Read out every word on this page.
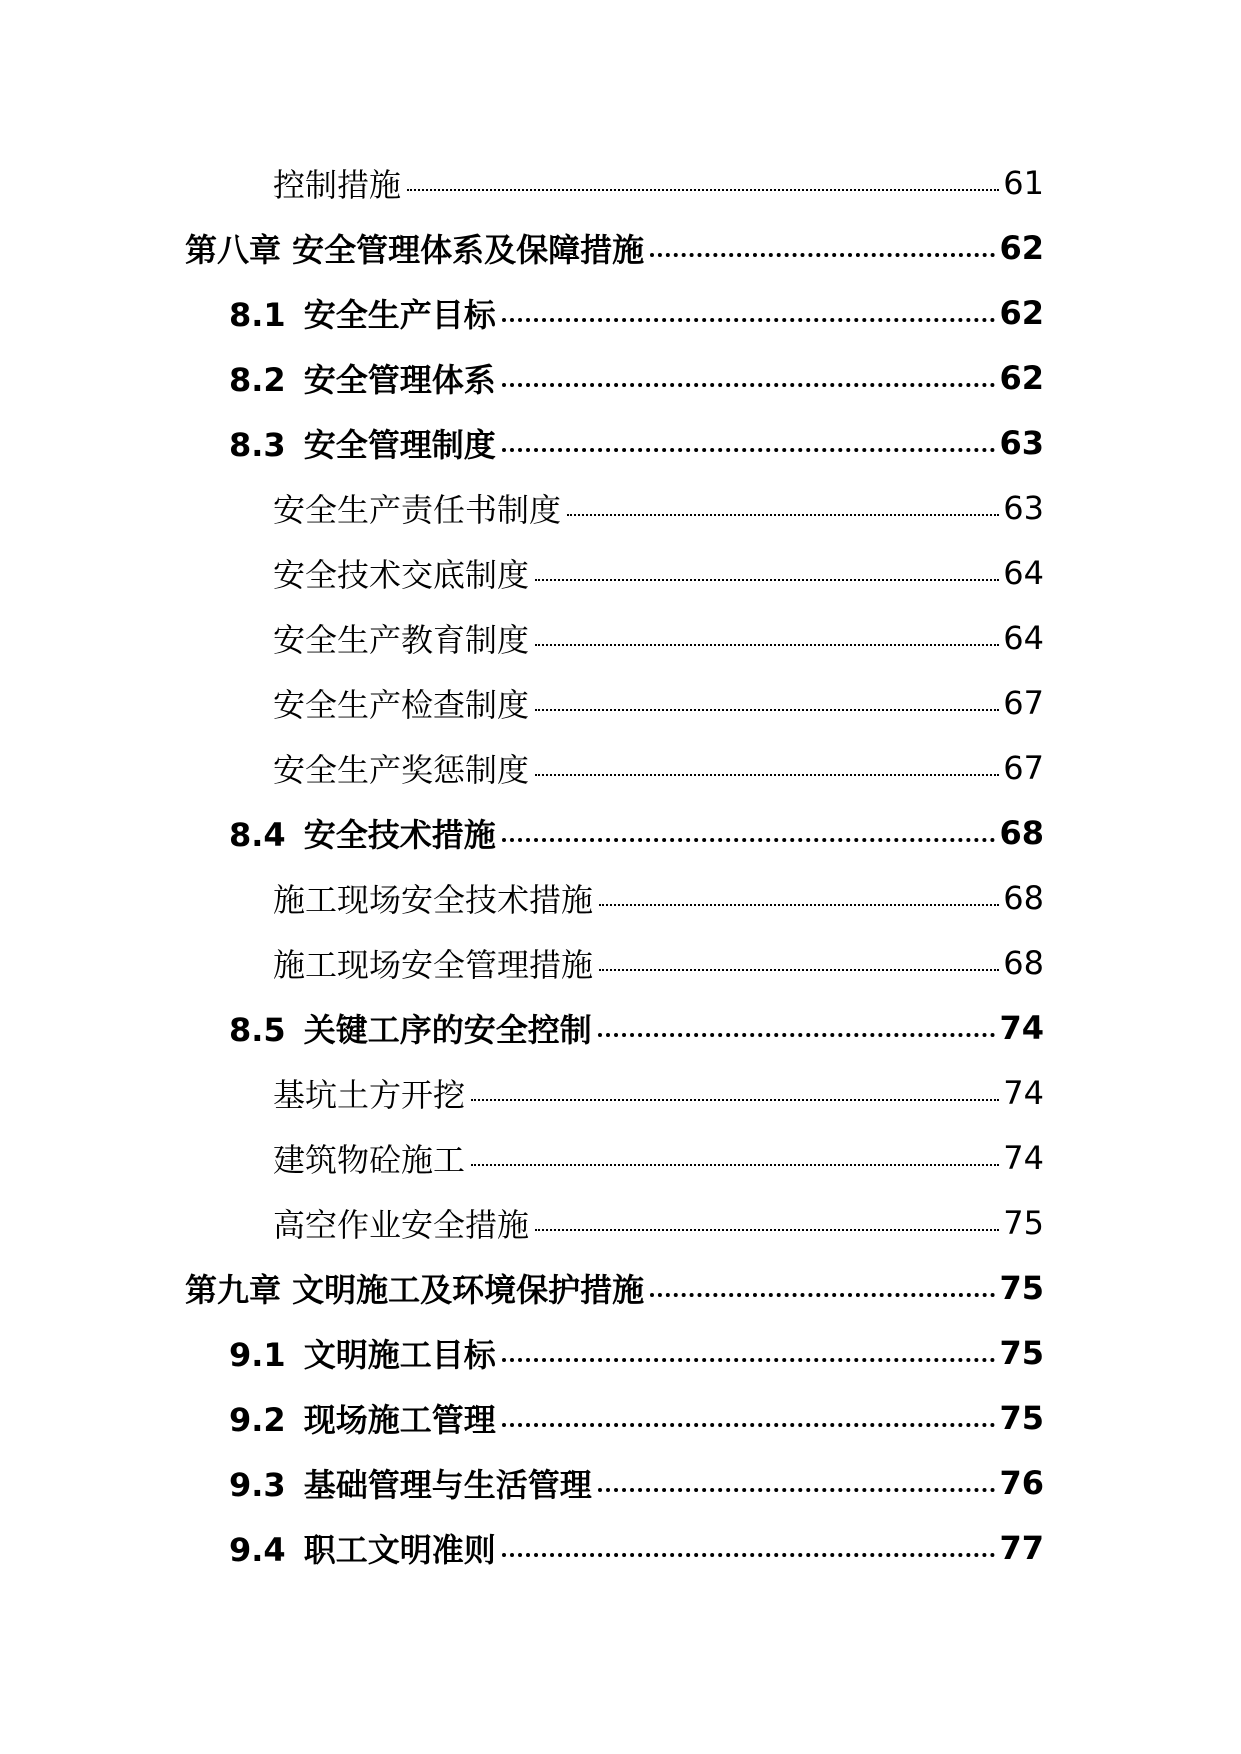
控制措施	61
第八章 安全管理体系及保障措施	62
8.1 安全生产目标	62
8.2 安全管理体系	62
8.3 安全管理制度	63
安全生产责任书制度	63
安全技术交底制度	64
安全生产教育制度	64
安全生产检查制度	67
安全生产奖惩制度	67
8.4 安全技术措施	68
施工现场安全技术措施	68
施工现场安全管理措施	68
8.5 关键工序的安全控制	74
基坑土方开挖	74
建筑物砼施工	74
高空作业安全措施	75
第九章 文明施工及环境保护措施	75
9.1 文明施工目标	75
9.2 现场施工管理	75
9.3 基础管理与生活管理	76
9.4 职工文明准则	77
